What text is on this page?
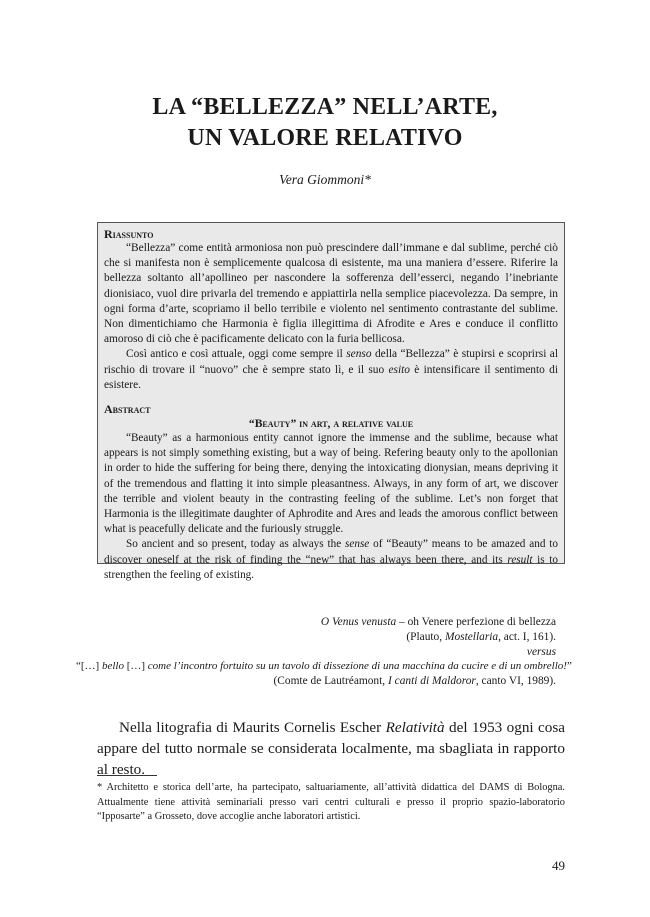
LA “BELLEZZA” NELL’ARTE,
UN VALORE RELATIVO
Vera Giommoni*
Riassunto

“Bellezza” come entità armoniosa non può prescindere dall’immane e dal sublime, perché ciò che si manifesta non è semplicemente qualcosa di esistente, ma una maniera d’essere. Riferire la bellezza soltanto all’apollineo per nascondere la sofferenza dell’esserci, negando l’inebriante dionisiaco, vuol dire privarla del tremendo e appiattirla nella semplice piacevolezza. Da sempre, in ogni forma d’arte, scopriamo il bello terribile e violento nel sentimento contrastante del sublime. Non dimentichiamo che Harmonia è figlia illegittima di Afrodite e Ares e conduce il conflitto amoroso di ciò che è pacificamente delicato con la furia bellicosa.

Così antico e così attuale, oggi come sempre il senso della “Bellezza” è stupirsi e scoprirsi al rischio di trovare il “nuovo” che è sempre stato lì, e il suo esito è intensificare il sentimento di esistere.

Abstract
“Beauty” in art, a relative value

“Beauty” as a harmonious entity cannot ignore the immense and the sublime, because what appears is not simply something existing, but a way of being. Refering beauty only to the apollonian in order to hide the suffering for being there, denying the intoxicating dionysian, means depriving it of the tremendous and flatting it into simple pleasantness. Always, in any form of art, we discover the terrible and violent beauty in the contrasting feeling of the sublime. Let’s non forget that Harmonia is the illegitimate daughter of Aphrodite and Ares and leads the amorous conflict between what is peacefully delicate and the furiously struggle.

So ancient and so present, today as always the sense of “Beauty” means to be amazed and to discover oneself at the risk of finding the “new” that has always been there, and its result is to strengthen the feeling of existing.

O Venus venusta – oh Venere perfezione di bellezza
(Plauto, Mostellaria, act. I, 161).
versus
“[…] bello […] come l’incontro fortuito su un tavolo di dissezione di una macchina da cucire e di un ombrello!”
(Comte de Lautréamont, I canti di Maldoror, canto VI, 1989).

Nella litografia di Maurits Cornelis Escher Relatività del 1953 ogni cosa appare del tutto normale se considerata localmente, ma sbagliata in rapporto al resto.

* Architetto e storica dell’arte, ha partecipato, saltuariamente, all’attività didattica del DAMS di Bologna. Attualmente tiene attività seminariali presso vari centri culturali e presso il proprio spazio-laboratorio “Ipposarte” a Grosseto, dove accoglie anche laboratori artistici.

49
